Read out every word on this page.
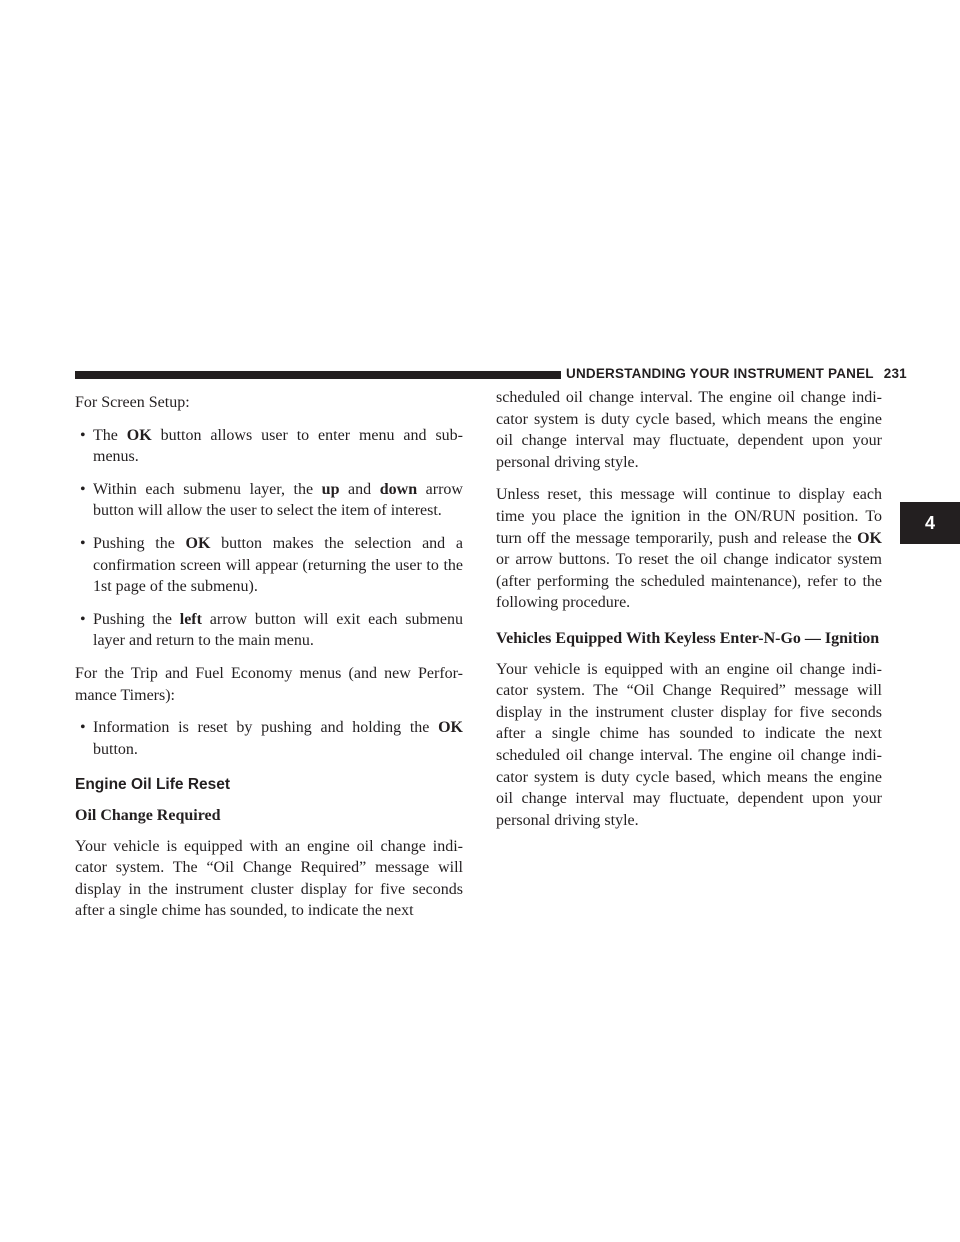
UNDERSTANDING YOUR INSTRUMENT PANEL 231
4

For Screen Setup:

• The OK button allows user to enter menu and sub-menus.
• Within each submenu layer, the up and down arrow button will allow the user to select the item of interest.
• Pushing the OK button makes the selection and a confirmation screen will appear (returning the user to the 1st page of the submenu).
• Pushing the left arrow button will exit each submenu layer and return to the main menu.

For the Trip and Fuel Economy menus (and new Perfor-mance Timers):

• Information is reset by pushing and holding the OK button.
Engine Oil Life Reset
Oil Change Required

Your vehicle is equipped with an engine oil change indi-cator system. The “Oil Change Required” message will display in the instrument cluster display for five seconds after a single chime has sounded, to indicate the next

scheduled oil change interval. The engine oil change indi-cator system is duty cycle based, which means the engine oil change interval may fluctuate, dependent upon your personal driving style.

Unless reset, this message will continue to display each time you place the ignition in the ON/RUN position. To turn off the message temporarily, push and release the OK or arrow buttons. To reset the oil change indicator system (after performing the scheduled maintenance), refer to the following procedure.

Vehicles Equipped With Keyless Enter-N-Go — Ignition

Your vehicle is equipped with an engine oil change indi-cator system. The “Oil Change Required” message will display in the instrument cluster display for five seconds after a single chime has sounded to indicate the next scheduled oil change interval. The engine oil change indi-cator system is duty cycle based, which means the engine oil change interval may fluctuate, dependent upon your personal driving style.
